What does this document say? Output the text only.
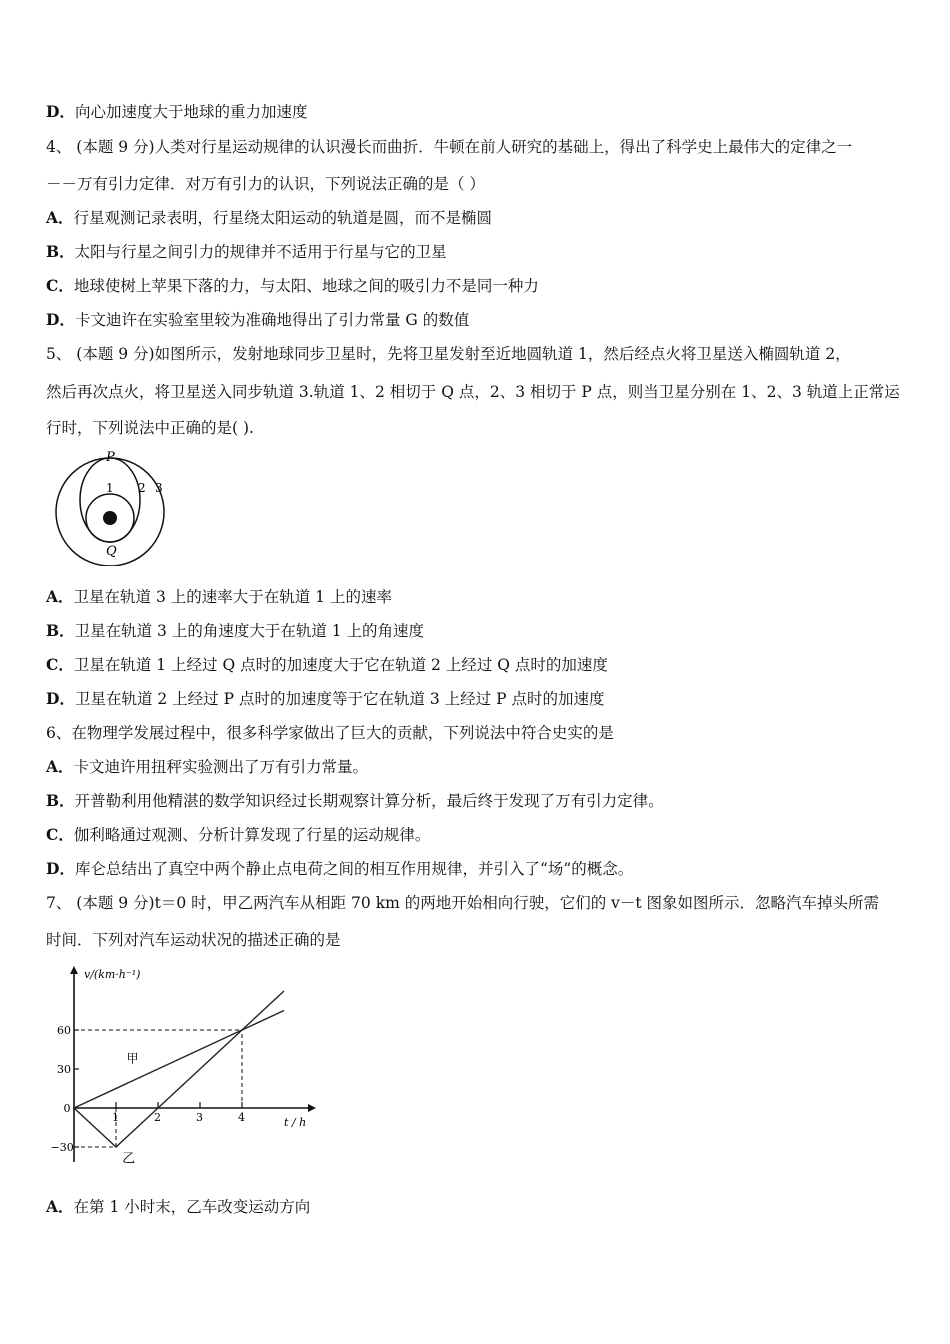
D．向心加速度大于地球的重力加速度
4、 (本题 9 分)人类对行星运动规律的认识漫长而曲折．牛顿在前人研究的基础上，得出了科学史上最伟大的定律之一
－－万有引力定律．对万有引力的认识，下列说法正确的是（ ）
A．行星观测记录表明，行星绕太阳运动的轨道是圆，而不是椭圆
B．太阳与行星之间引力的规律并不适用于行星与它的卫星
C．地球使树上苹果下落的力，与太阳、地球之间的吸引力不是同一种力
D．卡文迪许在实验室里较为准确地得出了引力常量 G 的数值
5、 (本题 9 分)如图所示，发射地球同步卫星时，先将卫星发射至近地圆轨道 1，然后经点火将卫星送入椭圆轨道 2，
然后再次点火，将卫星送入同步轨道 3.轨道 1、2 相切于 Q 点，2、3 相切于 P 点，则当卫星分别在 1、2、3 轨道上正常运
行时，下列说法中正确的是( ).
P
Q
1 2 3
A．卫星在轨道 3 上的速率大于在轨道 1 上的速率
B．卫星在轨道 3 上的角速度大于在轨道 1 上的角速度
C．卫星在轨道 1 上经过 Q 点时的加速度大于它在轨道 2 上经过 Q 点时的加速度
D．卫星在轨道 2 上经过 P 点时的加速度等于它在轨道 3 上经过 P 点时的加速度
6、在物理学发展过程中，很多科学家做出了巨大的贡献，下列说法中符合史实的是
A．卡文迪许用扭秤实验测出了万有引力常量。
B．开普勒利用他精湛的数学知识经过长期观察计算分析，最后终于发现了万有引力定律。
C．伽利略通过观测、分析计算发现了行星的运动规律。
D．库仑总结出了真空中两个静止点电荷之间的相互作用规律，并引入了“场”的概念。
7、 (本题 9 分)t＝0 时，甲乙两汽车从相距 70 km 的两地开始相向行驶，它们的 v－t 图象如图所示．忽略汽车掉头所需
时间．下列对汽车运动状况的描述正确的是
v/(km·h⁻¹)
t / h
1	2	3	4
60
30
0
−30
甲
乙
A．在第 1 小时末，乙车改变运动方向
